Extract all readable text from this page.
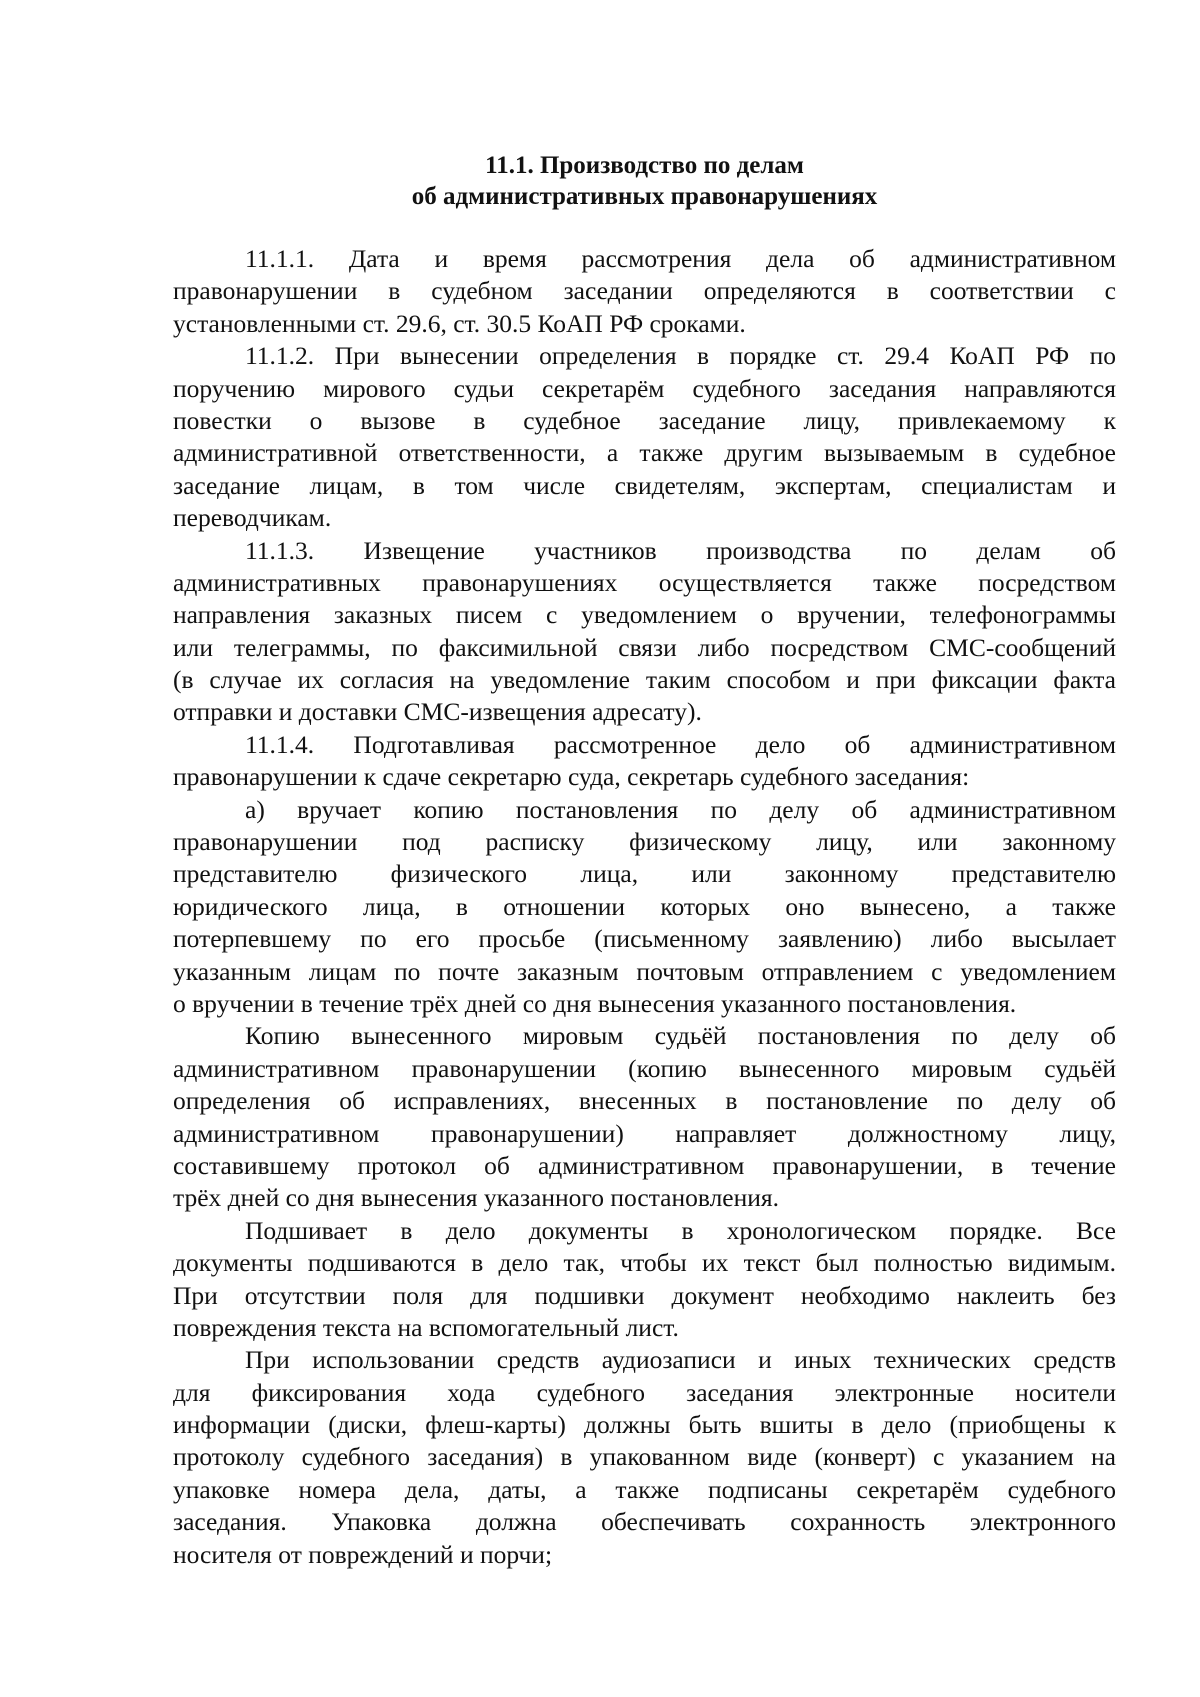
11.1. Производство по делам
об административных правонарушениях
11.1.1. Дата и время рассмотрения дела об административном
правонарушении в судебном заседании определяются в соответствии с
установленными ст. 29.6, ст. 30.5 КоАП РФ сроками.
11.1.2. При вынесении определения в порядке ст. 29.4 КоАП РФ по
поручению мирового судьи секретарём судебного заседания направляются
повестки о вызове в судебное заседание лицу, привлекаемому к
административной ответственности, а также другим вызываемым в судебное
заседание лицам, в том числе свидетелям, экспертам, специалистам и
переводчикам.
11.1.3. Извещение участников производства по делам об
административных правонарушениях осуществляется также посредством
направления заказных писем с уведомлением о вручении, телефонограммы
или телеграммы, по факсимильной связи либо посредством СМС-сообщений
(в случае их согласия на уведомление таким способом и при фиксации факта
отправки и доставки СМС-извещения адресату).
11.1.4. Подготавливая рассмотренное дело об административном
правонарушении к сдаче секретарю суда, секретарь судебного заседания:
а) вручает копию постановления по делу об административном
правонарушении под расписку физическому лицу, или законному
представителю физического лица, или законному представителю
юридического лица, в отношении которых оно вынесено, а также
потерпевшему по его просьбе (письменному заявлению) либо высылает
указанным лицам по почте заказным почтовым отправлением с уведомлением
о вручении в течение трёх дней со дня вынесения указанного постановления.
Копию вынесенного мировым судьёй постановления по делу об
административном правонарушении (копию вынесенного мировым судьёй
определения об исправлениях, внесенных в постановление по делу об
административном правонарушении) направляет должностному лицу,
составившему протокол об административном правонарушении, в течение
трёх дней со дня вынесения указанного постановления.
Подшивает в дело документы в хронологическом порядке. Все
документы подшиваются в дело так, чтобы их текст был полностью видимым.
При отсутствии поля для подшивки документ необходимо наклеить без
повреждения текста на вспомогательный лист.
При использовании средств аудиозаписи и иных технических средств
для фиксирования хода судебного заседания электронные носители
информации (диски, флеш-карты) должны быть вшиты в дело (приобщены к
протоколу судебного заседания) в упакованном виде (конверт) с указанием на
упаковке номера дела, даты, а также подписаны секретарём судебного
заседания. Упаковка должна обеспечивать сохранность электронного
носителя от повреждений и порчи;
